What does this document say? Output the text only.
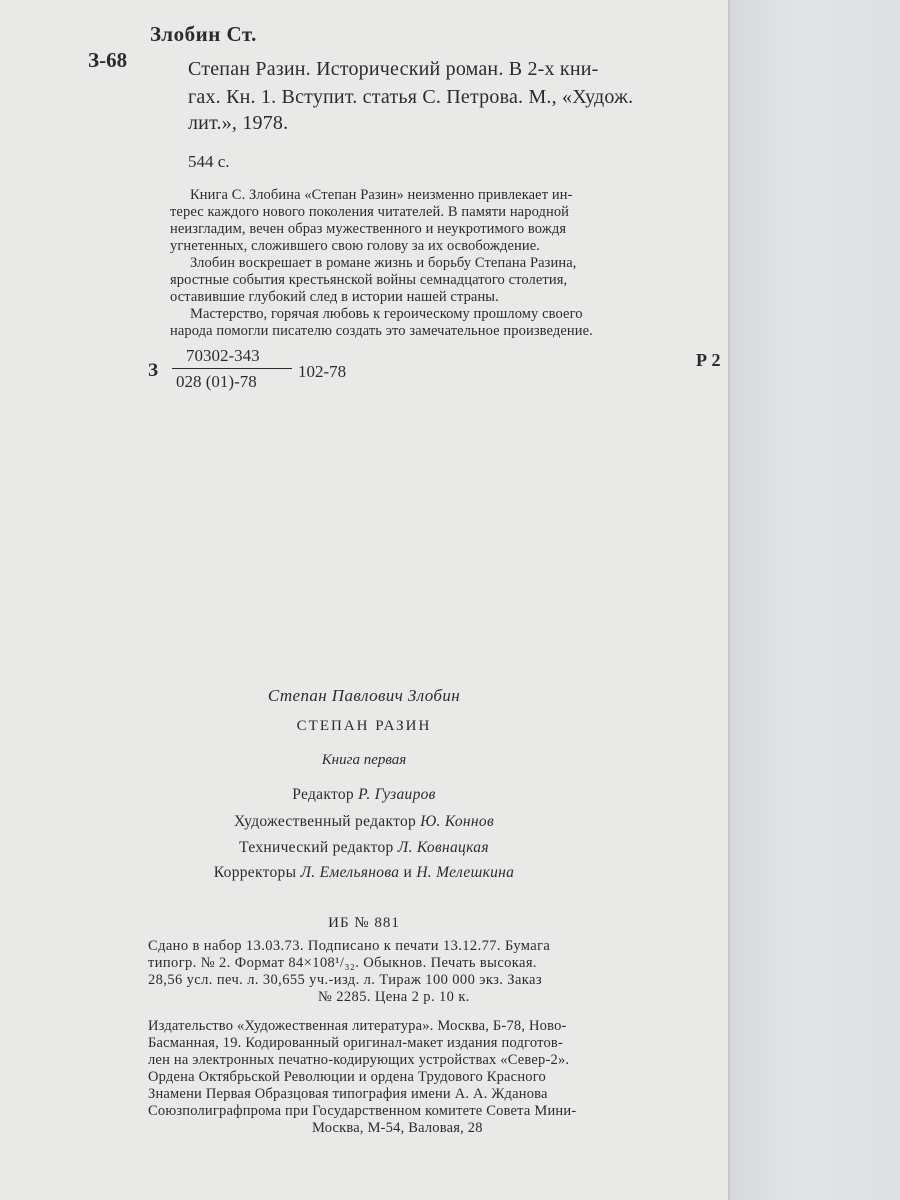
Злобин Ст.
З-68	Степан Разин. Исторический роман. В 2-х кни-
гах. Кн. 1. Вступит. статья С. Петрова. М., «Худож.
лит.», 1978.
544 с.
Книга С. Злобина «Степан Разин» неизменно привлекает ин-
терес каждого нового поколения читателей. В памяти народной
неизгладим, вечен образ мужественного и неукротимого вождя
угнетенных, сложившего свою голову за их освобождение.
Злобин воскрешает в романе жизнь и борьбу Степана Разина,
яростные события крестьянской войны семнадцатого столетия,
оставившие глубокий след в истории нашей страны.
Мастерство, горячая любовь к героическому прошлому своего
народа помогли писателю создать это замечательное произведение.
З
70302-343
028 (01)-78
102-78
Р 2
Степан Павлович Злобин
СТЕПАН РАЗИН
Книга первая
Редактор Р. Гузаиров
Художественный редактор Ю. Коннов
Технический редактор Л. Ковнацкая
Корректоры Л. Емельянова и Н. Мелешкина
ИБ № 881
Сдано в набор 13.03.73. Подписано к печати 13.12.77. Бумага
типогр. № 2. Формат 84×108¹/₃₂. Обыкнов. Печать высокая.
28,56 усл. печ. л. 30,655 уч.-изд. л. Тираж 100 000 экз. Заказ
№ 2285. Цена 2 р. 10 к.
Издательство «Художественная литература». Москва, Б-78, Ново-
Басманная, 19. Кодированный оригинал-макет издания подготов-
лен на электронных печатно-кодирующих устройствах «Север-2».
Ордена Октябрьской Революции и ордена Трудового Красного
Знамени Первая Образцовая типография имени А. А. Жданова
Союзполиграфпрома при Государственном комитете Совета Мини-
Москва, М-54, Валовая, 28
